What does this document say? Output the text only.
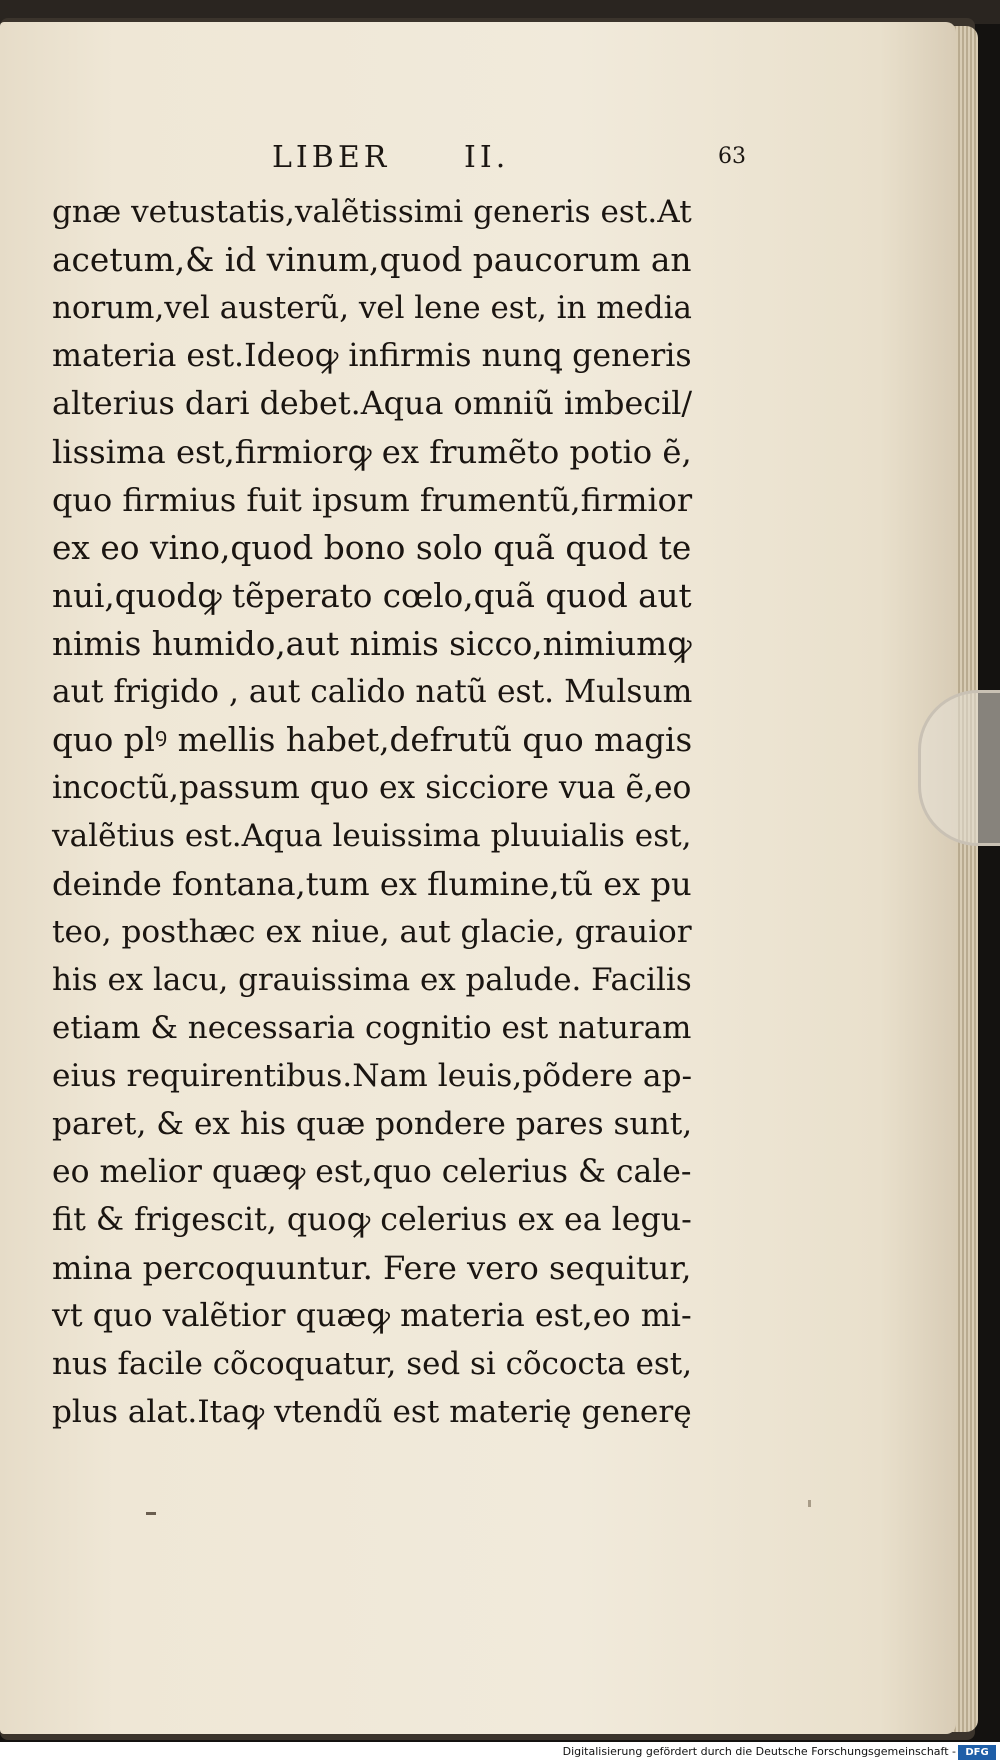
LIBER II.	63
gnæ vetustatis,valẽtissimi generis est.At
acetum,& id vinum,quod paucorum an
norum,vel austerũ, vel lene est, in media
materia est.Ideoꝙ infirmis nunꝗ generis
alterius dari debet.Aqua omniũ imbecil/
lissima est,firmiorꝙ ex frumẽto potio ẽ,
quo firmius fuit ipsum frumentũ,firmior
ex eo vino,quod bono solo quã quod te
nui,quodꝙ tẽperato cœlo,quã quod aut
nimis humido,aut nimis sicco,nimiumꝙ
aut frigido , aut calido natũ est. Mulsum
quo plꝰ mellis habet,defrutũ quo magis
incoctũ,passum quo ex sicciore vua ẽ,eo
valẽtius est.Aqua leuissima pluuialis est,
deinde fontana,tum ex flumine,tũ ex pu
teo, posthæc ex niue, aut glacie, grauior
his ex lacu, grauissima ex palude. Facilis
etiam & necessaria cognitio est naturam
eius requirentibus.Nam leuis,põdere ap-
paret, & ex his quæ pondere pares sunt,
eo melior quæꝙ est,quo celerius & cale-
fit & frigescit, quoꝙ celerius ex ea legu-
mina percoquuntur. Fere vero sequitur,
vt quo valẽtior quæꝙ materia est,eo mi-
nus facile cõcoquatur, sed si cõcocta est,
plus alat.Itaꝙ vtendũ est materię generę
Digitalisierung gefördert durch die Deutsche Forschungsgemeinschaft - DFG
